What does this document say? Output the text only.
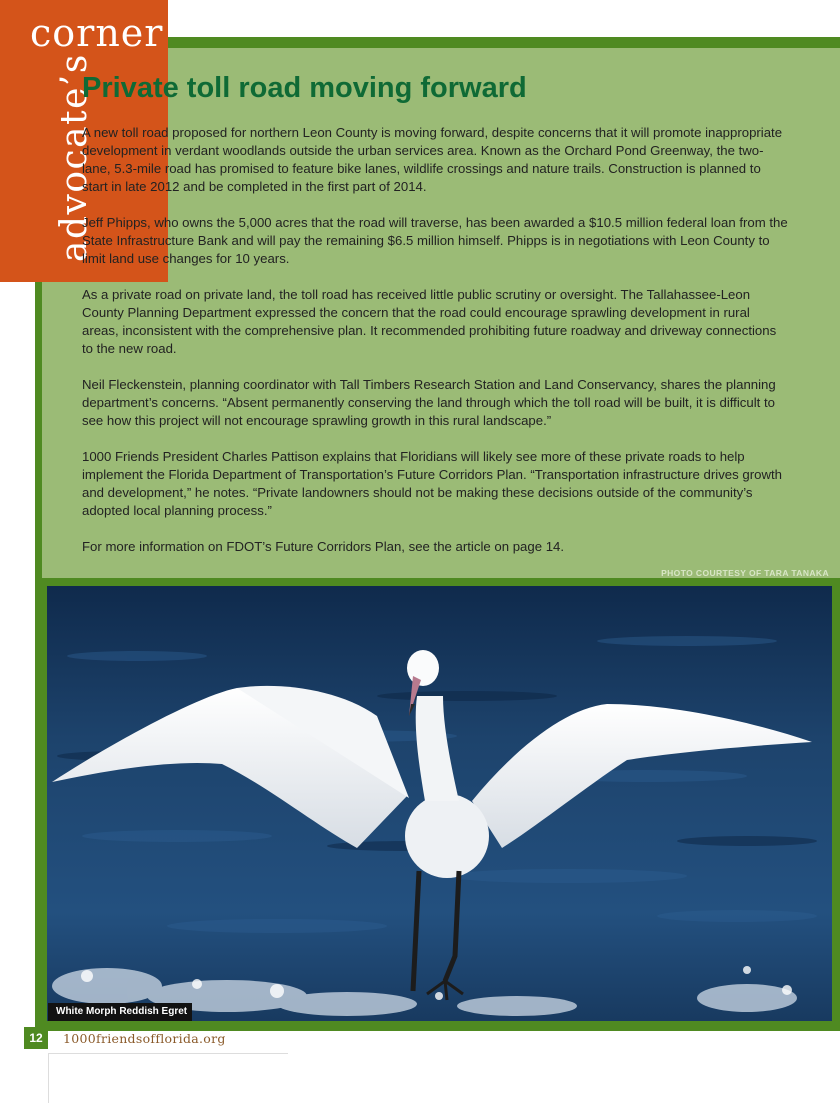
corner
advocate’s
Private toll road moving forward

A new toll road proposed for northern Leon County is moving forward, despite concerns that it will promote inappropriate development in verdant woodlands outside the urban services area. Known as the Orchard Pond Greenway, the two-lane, 5.3-mile road has promised to feature bike lanes, wildlife crossings and nature trails. Construction is planned to start in late 2012 and be completed in the first part of 2014.

Jeff Phipps, who owns the 5,000 acres that the road will traverse, has been awarded a $10.5 million federal loan from the State Infrastructure Bank and will pay the remaining $6.5 million himself. Phipps is in negotiations with Leon County to limit land use changes for 10 years.

As a private road on private land, the toll road has received little public scrutiny or oversight. The Tallahassee-Leon County Planning Department expressed the concern that the road could encourage sprawling development in rural areas, inconsistent with the comprehensive plan. It recommended prohibiting future roadway and driveway connections to the new road.

Neil Fleckenstein, planning coordinator with Tall Timbers Research Station and Land Conservancy, shares the planning department’s concerns. “Absent permanently conserving the land through which the toll road will be built, it is difficult to see how this project will not encourage sprawling growth in this rural landscape.”

1000 Friends President Charles Pattison explains that Floridians will likely see more of these private roads to help implement the Florida Department of Transportation’s Future Corridors Plan. “Transportation infrastructure drives growth and development,” he notes. “Private landowners should not be making these decisions outside of the community’s adopted local planning process.”

For more information on FDOT’s Future Corridors Plan, see the article on page 14.

PHOTO COURTESY OF TARA TANAKA
White Morph Reddish Egret
12	1000friendsofflorida.org
